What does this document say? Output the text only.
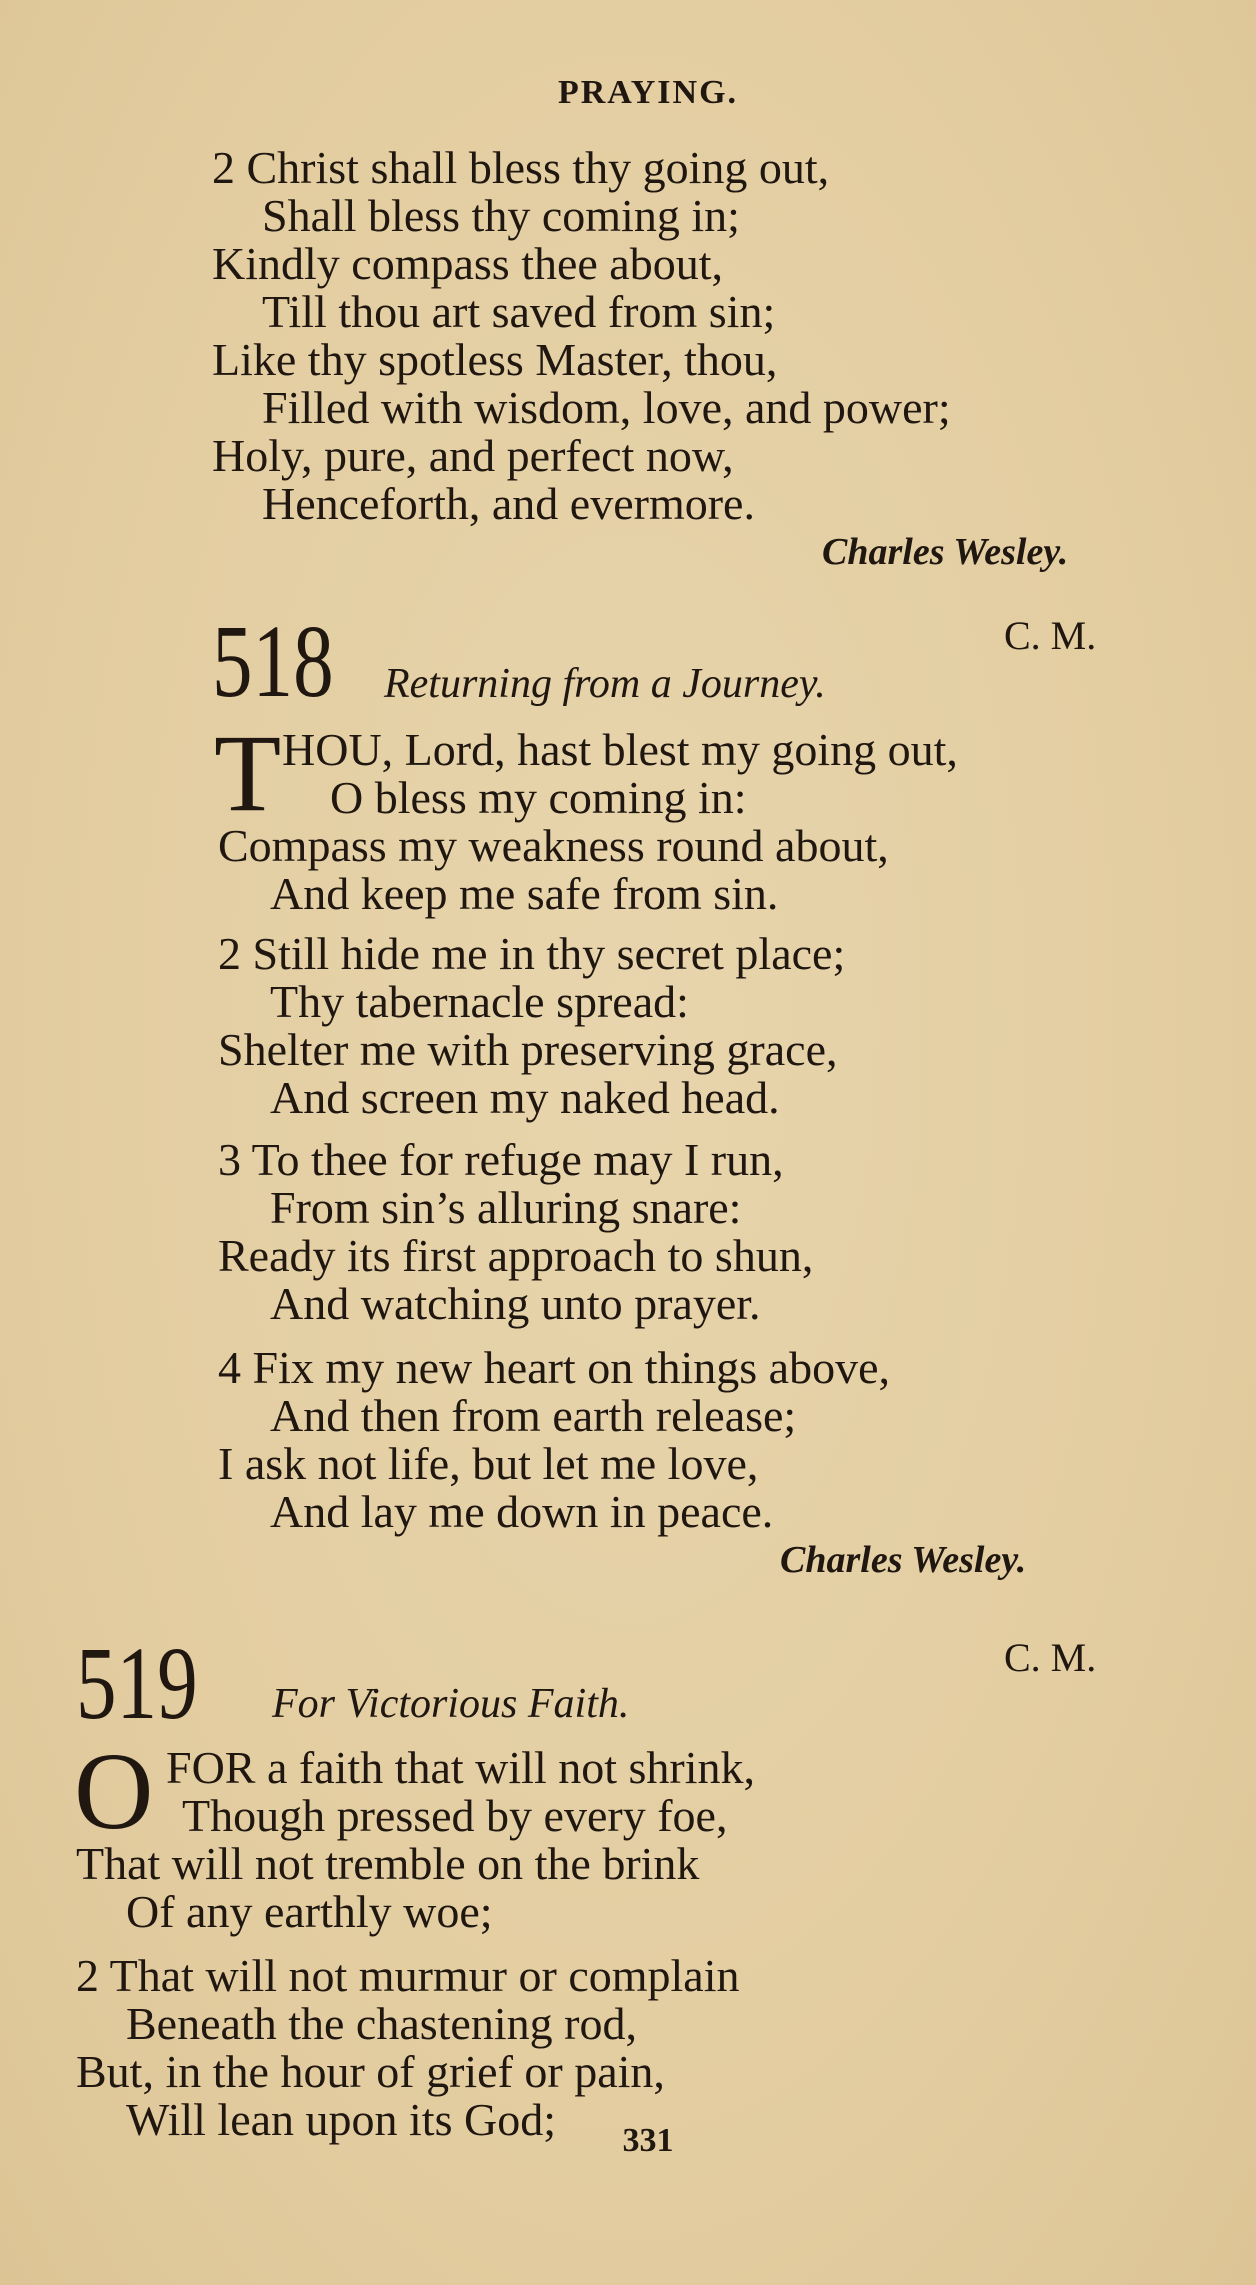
PRAYING.
2 Christ shall bless thy going out,
Shall bless thy coming in;
Kindly compass thee about,
Till thou art saved from sin;
Like thy spotless Master, thou,
Filled with wisdom, love, and power;
Holy, pure, and perfect now,
Henceforth, and evermore.
Charles Wesley.
518	C. M.
Returning from a Journey.
T HOU, Lord, hast blest my going out,
O bless my coming in:
Compass my weakness round about,
And keep me safe from sin.
2 Still hide me in thy secret place;
Thy tabernacle spread:
Shelter me with preserving grace,
And screen my naked head.
3 To thee for refuge may I run,
From sin’s alluring snare:
Ready its first approach to shun,
And watching unto prayer.
4 Fix my new heart on things above,
And then from earth release;
I ask not life, but let me love,
And lay me down in peace.
Charles Wesley.
519	C. M.
For Victorious Faith.
O FOR a faith that will not shrink,
Though pressed by every foe,
That will not tremble on the brink
Of any earthly woe;
2 That will not murmur or complain
Beneath the chastening rod,
But, in the hour of grief or pain,
Will lean upon its God;	331
